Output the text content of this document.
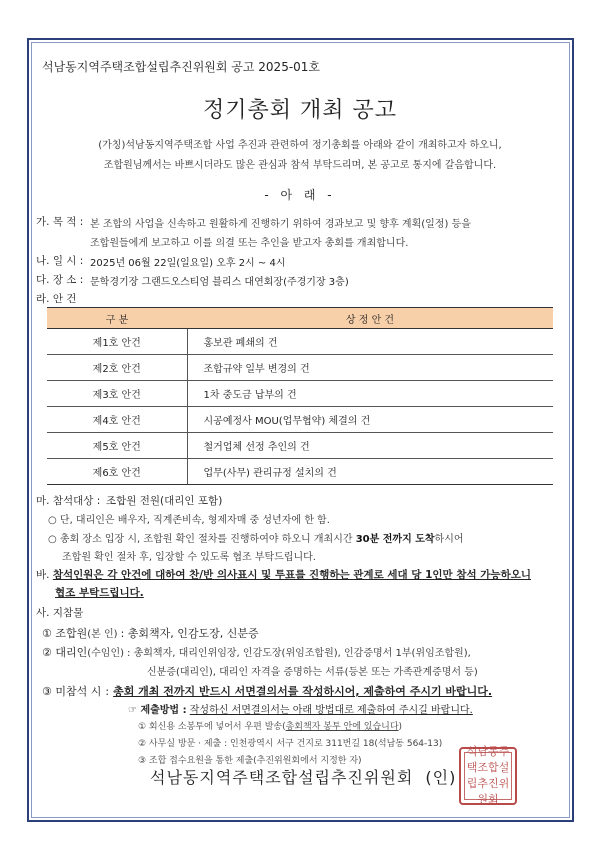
석남동지역주택조합설립추진위원회 공고 2025-01호
정기총회 개최 공고
(가칭)석남동지역주택조합 사업 추진과 관련하여 정기총회를 아래와 같이 개최하고자 하오니,
조합원님께서는 바쁘시더라도 많은 관심과 참석 부탁드리며, 본 공고로 통지에 갈음합니다.
- 아 래 -
가. 목 적 : 본 조합의 사업을 신속하고 원활하게 진행하기 위하여 경과보고 및 향후 계획(일정) 등을
조합원들에게 보고하고 이를 의결 또는 추인을 받고자 총회를 개최합니다.
나. 일 시 : 2025년 06월 22일(일요일) 오후 2시 ~ 4시
다. 장 소 : 문학경기장 그랜드오스티엄 블리스 대연회장(주경기장 3층)
라. 안 건
구 분	상 정 안 건
제1호 안건	홍보관 폐쇄의 건
제2호 안건	조합규약 일부 변경의 건
제3호 안건	1차 중도금 납부의 건
제4호 안건	시공예정사 MOU(업무협약) 체결의 건
제5호 안건	철거업체 선정 추인의 건
제6호 안건	업무(사무) 관리규정 설치의 건
마. 참석대상 : 조합원 전원(대리인 포함)
○ 단, 대리인은 배우자, 직계존비속, 형제자매 중 성년자에 한 함.
○ 총회 장소 입장 시, 조합원 확인 절차를 진행하여야 하오니 개최시간 30분 전까지 도착하시어
조합원 확인 절차 후, 입장할 수 있도록 협조 부탁드립니다.
바. 참석인원은 각 안건에 대하여 찬/반 의사표시 및 투표를 진행하는 관계로 세대 당 1인만 참석 가능하오니
협조 부탁드립니다.
사. 지참물
① 조합원(본 인) : 총회책자, 인감도장, 신분증
② 대리인(수임인) : 총회책자, 대리인위임장, 인감도장(위임조합원), 인감증명서 1부(위임조합원),
신분증(대리인), 대리인 자격을 증명하는 서류(등본 또는 가족관계증명서 등)
③ 미참석 시 : 총회 개최 전까지 반드시 서면결의서를 작성하시어, 제출하여 주시기 바랍니다.
☞ 제출방법 : 작성하신 서면결의서는 아래 방법대로 제출하여 주시길 바랍니다.
① 회신용 소봉투에 넣어서 우편 발송(총회책자 봉투 안에 있습니다)
② 사무실 방문 · 제출 : 인천광역시 서구 건지로 311번길 18(석남동 564-13)
③ 조합 접수요원을 통한 제출(추진위원회에서 지정한 자)
석남동지역주택조합설립추진위원회 (인)
석남동주택조합설립추진위원회
